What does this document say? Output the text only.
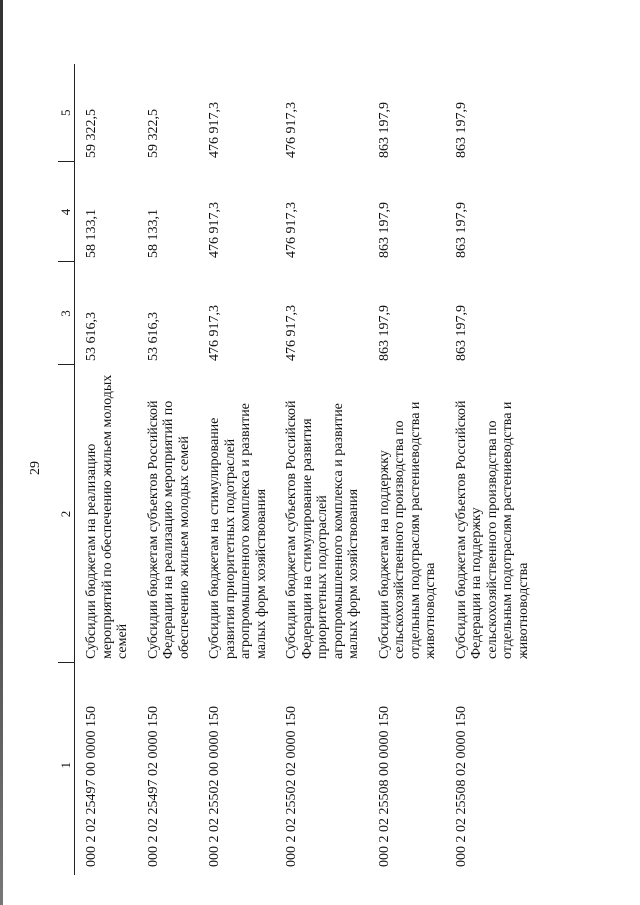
29
1	2	3	4	5
000 2 02 25497 00 0000 150	Субсидии бюджетам на реализацию мероприятий по обеспечению жильем молодых семей	53 616,3	58 133,1	59 322,5
000 2 02 25497 02 0000 150	Субсидии бюджетам субъектов Российской Федерации на реализацию мероприятий по обеспечению жильем молодых семей	53 616,3	58 133,1	59 322,5
000 2 02 25502 00 0000 150	Субсидии бюджетам на стимулирование развития приоритетных подотраслей агропромышленного комплекса и развитие малых форм хозяйствования	476 917,3	476 917,3	476 917,3
000 2 02 25502 02 0000 150	Субсидии бюджетам субъектов Российской Федерации на стимулирование развития приоритетных подотраслей агропромышленного комплекса и развитие малых форм хозяйствования	476 917,3	476 917,3	476 917,3
000 2 02 25508 00 0000 150	Субсидии бюджетам на поддержку сельскохозяйственного производства по отдельным подотраслям растениеводства и животноводства	863 197,9	863 197,9	863 197,9
000 2 02 25508 02 0000 150	Субсидии бюджетам субъектов Российской Федерации на поддержку сельскохозяйственного производства по отдельным подотраслям растениеводства и животноводства	863 197,9	863 197,9	863 197,9
